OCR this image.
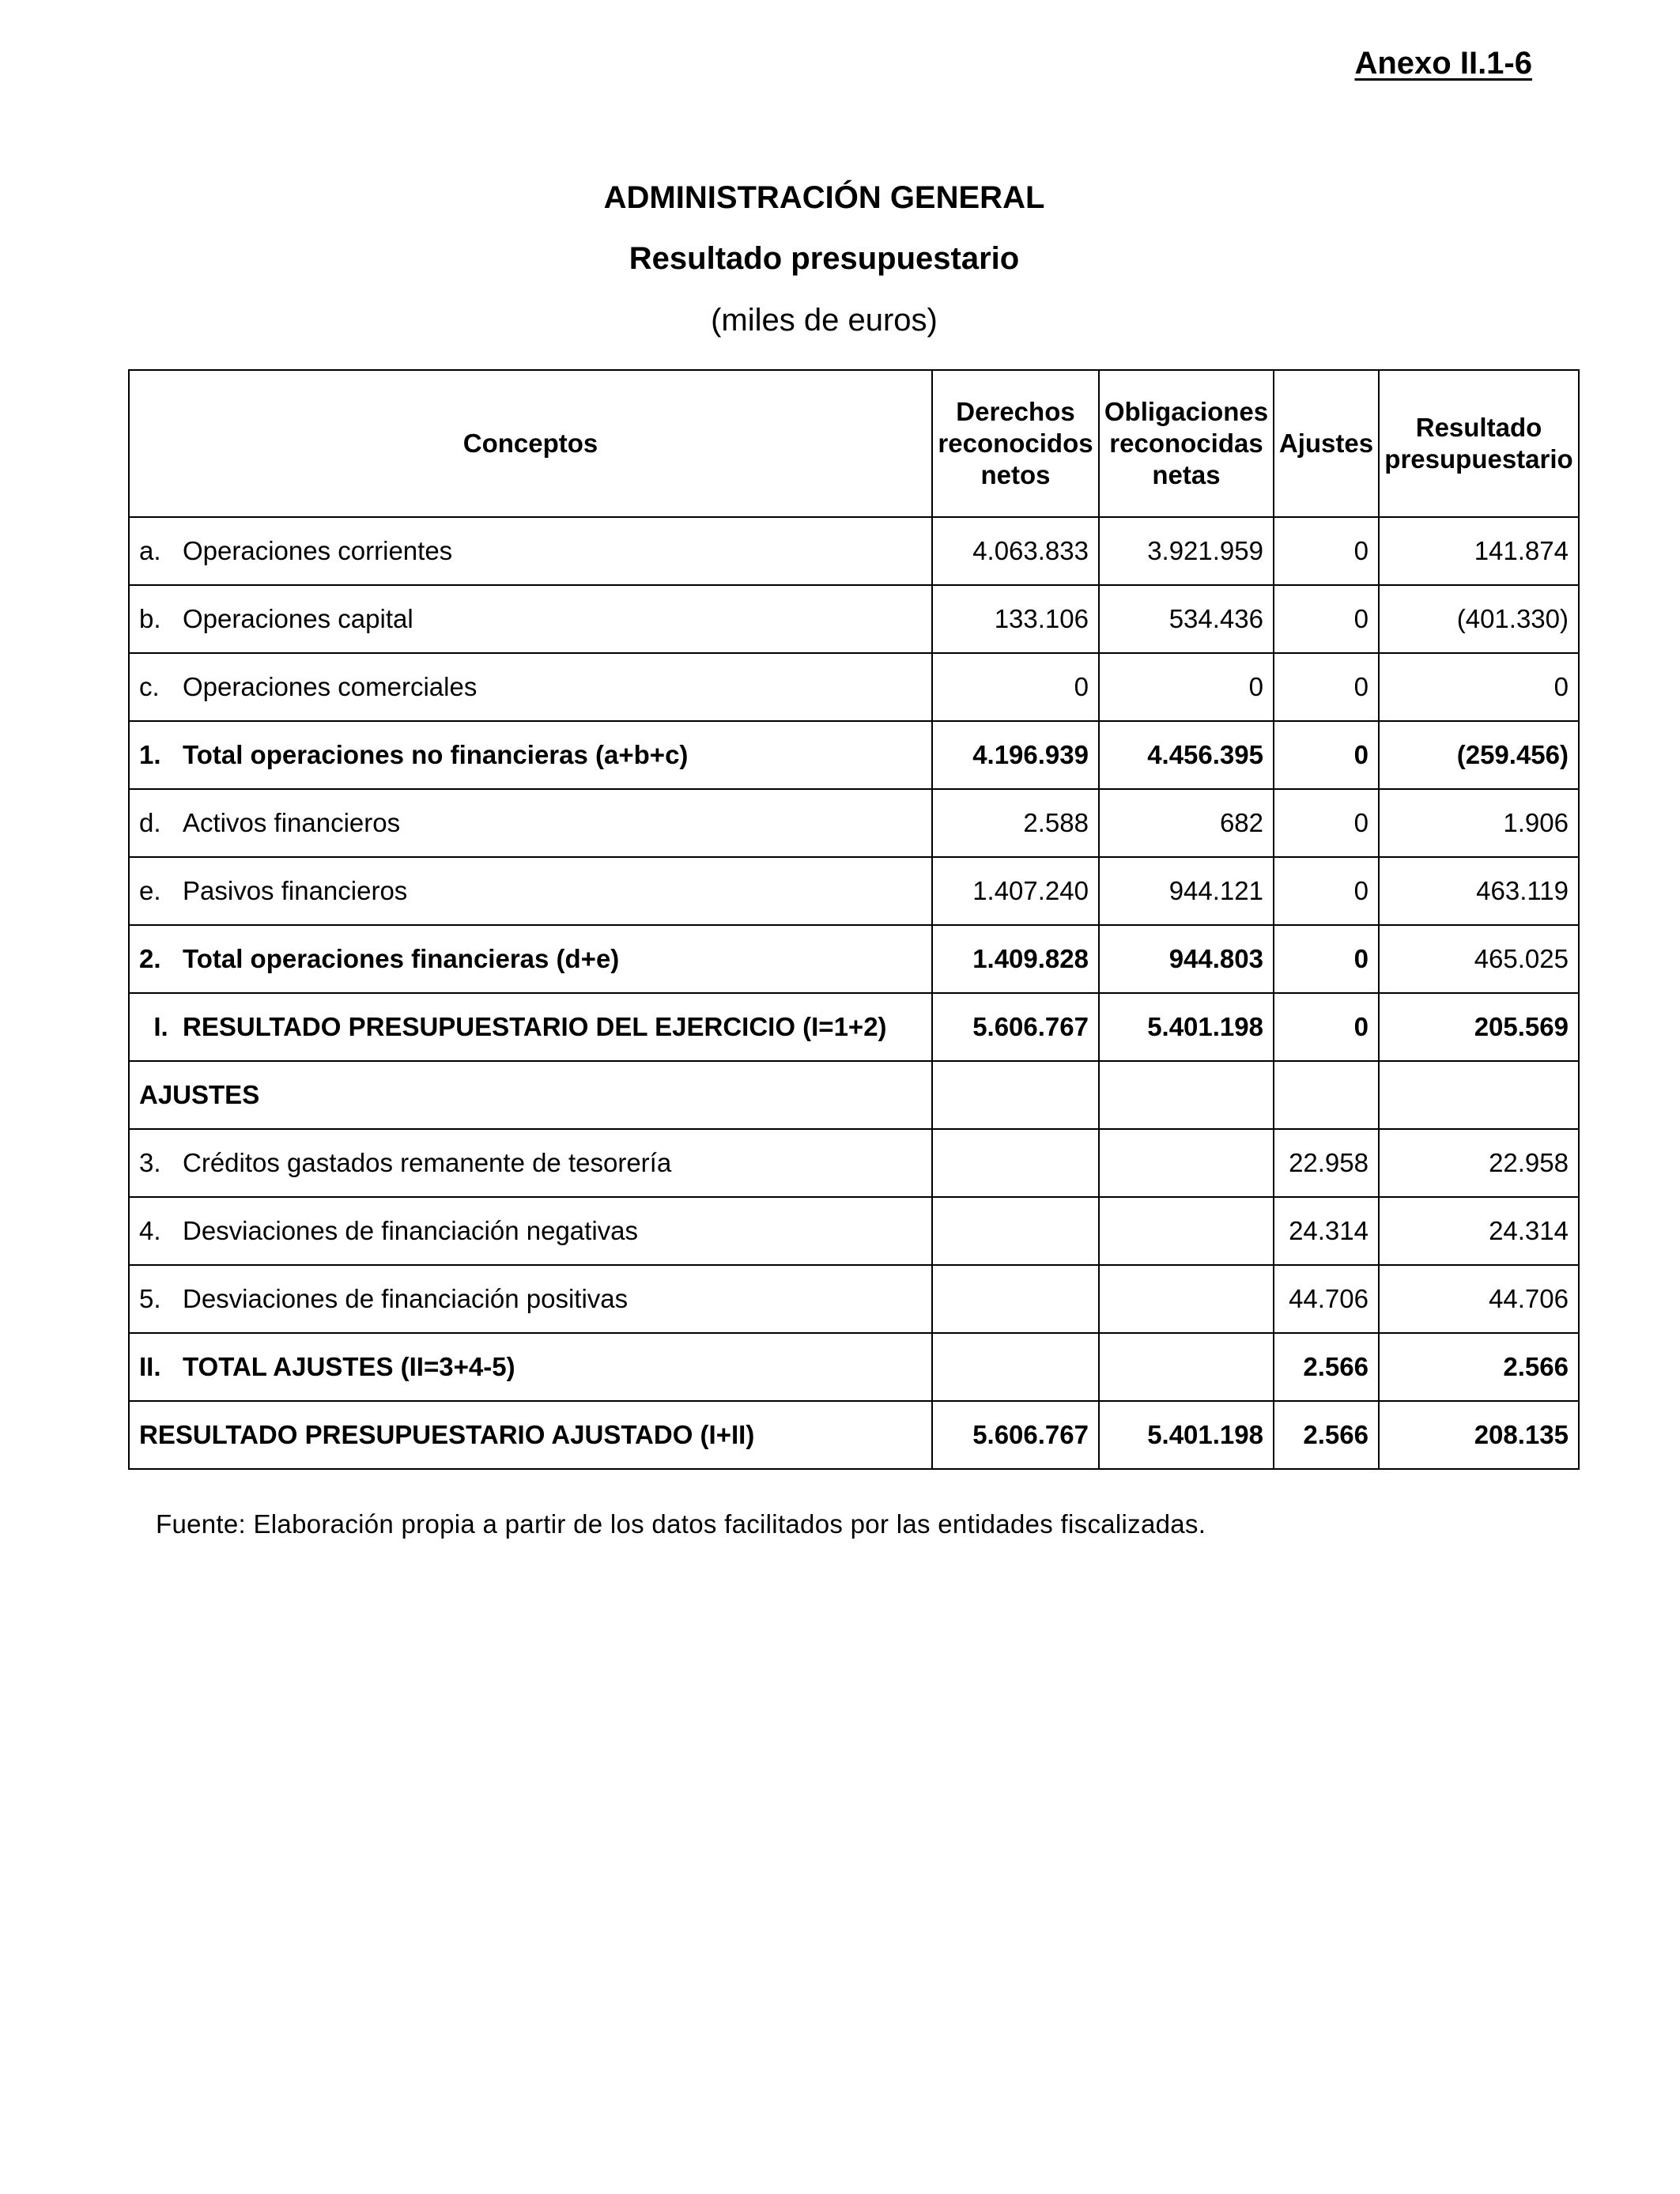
Anexo II.1-6
ADMINISTRACIÓN GENERAL
Resultado presupuestario
(miles de euros)
Conceptos	Derechos reconocidos netos	Obligaciones reconocidas netas	Ajustes	Resultado presupuestario
a. Operaciones corrientes	4.063.833	3.921.959	0	141.874
b. Operaciones capital	133.106	534.436	0	(401.330)
c. Operaciones comerciales	0	0	0	0
1. Total operaciones no financieras (a+b+c)	4.196.939	4.456.395	0	(259.456)
d. Activos financieros	2.588	682	0	1.906
e. Pasivos financieros	1.407.240	944.121	0	463.119
2. Total operaciones financieras (d+e)	1.409.828	944.803	0	465.025
I. RESULTADO PRESUPUESTARIO DEL EJERCICIO (I=1+2)	5.606.767	5.401.198	0	205.569
AJUSTES				
3. Créditos gastados remanente de tesorería			22.958	22.958
4. Desviaciones de financiación negativas			24.314	24.314
5. Desviaciones de financiación positivas			44.706	44.706
II. TOTAL AJUSTES (II=3+4-5)			2.566	2.566
RESULTADO PRESUPUESTARIO AJUSTADO (I+II)	5.606.767	5.401.198	2.566	208.135
Fuente: Elaboración propia a partir de los datos facilitados por las entidades fiscalizadas.
